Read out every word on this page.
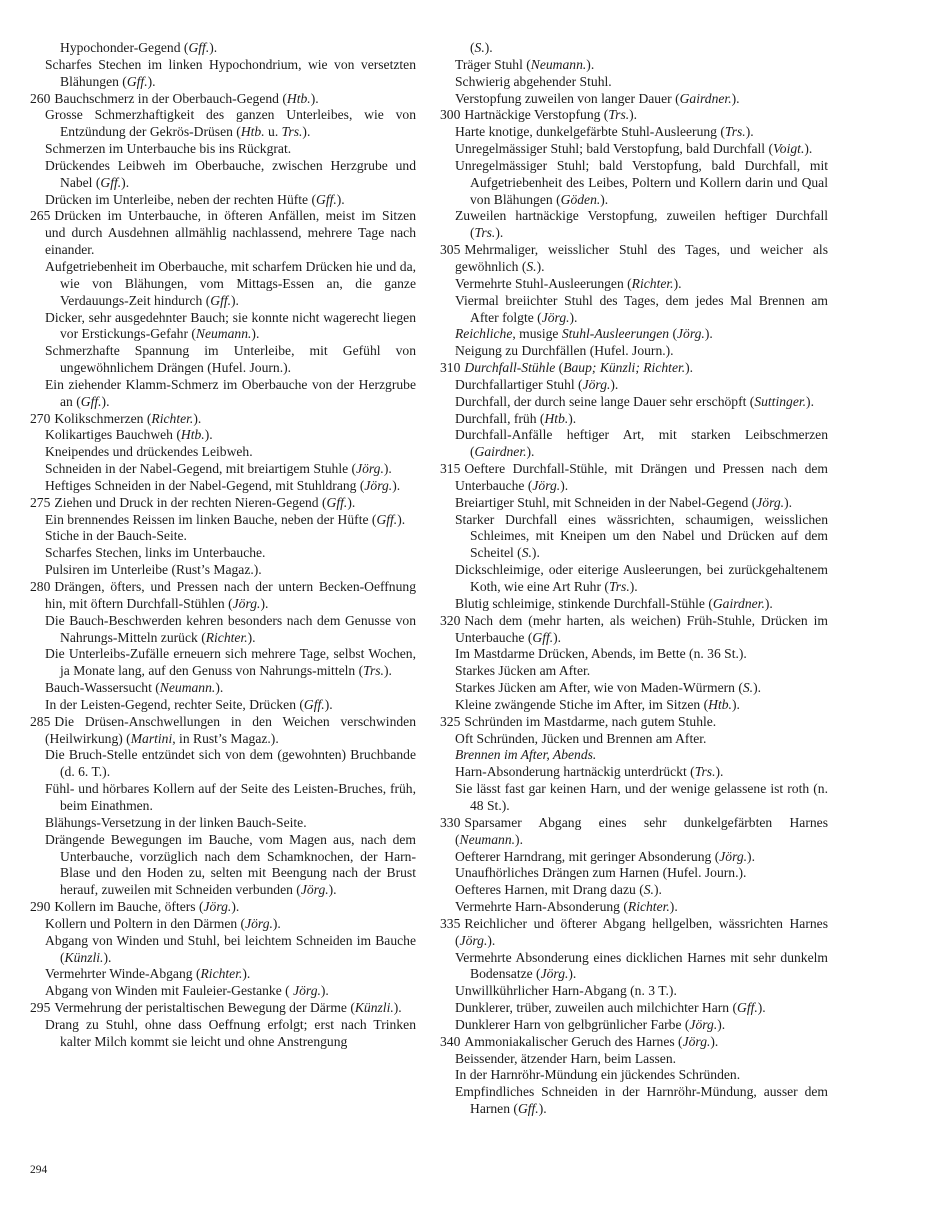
Hypochonder-Gegend (Gff.).
Scharfes Stechen im linken Hypochondrium, wie von versetzten Blähungen (Gff.).
260 Bauchschmerz in der Oberbauch-Gegend (Htb.).
Grosse Schmerzhaftigkeit des ganzen Unterleibes, wie von Entzündung der Gekrös-Drüsen (Htb. u. Trs.).
Schmerzen im Unterbauche bis ins Rückgrat.
Drückendes Leibweh im Oberbauche, zwischen Herzgrube und Nabel (Gff.).
Drücken im Unterleibe, neben der rechten Hüfte (Gff.).
265 Drücken im Unterbauche, in öfteren Anfällen, meist im Sitzen und durch Ausdehnen allmählig nachlassend, mehrere Tage nach einander.
Aufgetriebenheit im Oberbauche, mit scharfem Drücken hie und da, wie von Blähungen, vom Mittags-Essen an, die ganze Verdauungs-Zeit hindurch (Gff.).
Dicker, sehr ausgedehnter Bauch; sie konnte nicht wagerecht liegen vor Erstickungs-Gefahr (Neumann.).
Schmerzhafte Spannung im Unterleibe, mit Gefühl von ungewöhnlichem Drängen (Hufel. Journ.).
Ein ziehender Klamm-Schmerz im Oberbauche von der Herzgrube an (Gff.).
270 Kolikschmerzen (Richter.).
Kolikartiges Bauchweh (Htb.).
Kneipendes und drückendes Leibweh.
Schneiden in der Nabel-Gegend, mit breiartigem Stuhle (Jörg.).
Heftiges Schneiden in der Nabel-Gegend, mit Stuhldrang (Jörg.).
275 Ziehen und Druck in der rechten Nieren-Gegend (Gff.).
Ein brennendes Reissen im linken Bauche, neben der Hüfte (Gff.).
Stiche in der Bauch-Seite.
Scharfes Stechen, links im Unterbauche.
Pulsiren im Unterleibe (Rust’s Magaz.).
280 Drängen, öfters, und Pressen nach der untern Becken-Oeffnung hin, mit öftern Durchfall-Stühlen (Jörg.).
Die Bauch-Beschwerden kehren besonders nach dem Genusse von Nahrungs-Mitteln zurück (Richter.).
Die Unterleibs-Zufälle erneuern sich mehrere Tage, selbst Wochen, ja Monate lang, auf den Genuss von Nahrungs-mitteln (Trs.).
Bauch-Wassersucht (Neumann.).
In der Leisten-Gegend, rechter Seite, Drücken (Gff.).
285 Die Drüsen-Anschwellungen in den Weichen verschwinden (Heilwirkung) (Martini, in Rust’s Magaz.).
Die Bruch-Stelle entzündet sich von dem (gewohnten) Bruchbande (d. 6. T.).
Fühl- und hörbares Kollern auf der Seite des Leisten-Bruches, früh, beim Einathmen.
Blähungs-Versetzung in der linken Bauch-Seite.
Drängende Bewegungen im Bauche, vom Magen aus, nach dem Unterbauche, vorzüglich nach dem Schamknochen, der Harn-Blase und den Hoden zu, selten mit Beengung nach der Brust herauf, zuweilen mit Schneiden verbunden (Jörg.).
290 Kollern im Bauche, öfters (Jörg.).
Kollern und Poltern in den Därmen (Jörg.).
Abgang von Winden und Stuhl, bei leichtem Schneiden im Bauche (Künzli.).
Vermehrter Winde-Abgang (Richter.).
Abgang von Winden mit Fauleier-Gestanke ( Jörg.).
295 Vermehrung der peristaltischen Bewegung der Därme (Künzli.).
Drang zu Stuhl, ohne dass Oeffnung erfolgt; erst nach Trinken kalter Milch kommt sie leicht und ohne Anstrengung
(S.).
Träger Stuhl (Neumann.).
Schwierig abgehender Stuhl.
Verstopfung zuweilen von langer Dauer (Gairdner.).
300 Hartnäckige Verstopfung (Trs.).
Harte knotige, dunkelgefärbte Stuhl-Ausleerung (Trs.).
Unregelmässiger Stuhl; bald Verstopfung, bald Durchfall (Voigt.).
Unregelmässiger Stuhl; bald Verstopfung, bald Durchfall, mit Aufgetriebenheit des Leibes, Poltern und Kollern darin und Qual von Blähungen (Göden.).
Zuweilen hartnäckige Verstopfung, zuweilen heftiger Durchfall (Trs.).
305 Mehrmaliger, weisslicher Stuhl des Tages, und weicher als gewöhnlich (S.).
Vermehrte Stuhl-Ausleerungen (Richter.).
Viermal breiichter Stuhl des Tages, dem jedes Mal Brennen am After folgte (Jörg.).
Reichliche, musige Stuhl-Ausleerungen (Jörg.).
Neigung zu Durchfällen (Hufel. Journ.).
310 Durchfall-Stühle (Baup; Künzli; Richter.).
Durchfallartiger Stuhl (Jörg.).
Durchfall, der durch seine lange Dauer sehr erschöpft (Suttinger.).
Durchfall, früh (Htb.).
Durchfall-Anfälle heftiger Art, mit starken Leibschmerzen (Gairdner.).
315 Oeftere Durchfall-Stühle, mit Drängen und Pressen nach dem Unterbauche (Jörg.).
Breiartiger Stuhl, mit Schneiden in der Nabel-Gegend (Jörg.).
Starker Durchfall eines wässrichten, schaumigen, weisslichen Schleimes, mit Kneipen um den Nabel und Drücken auf dem Scheitel (S.).
Dickschleimige, oder eiterige Ausleerungen, bei zurückgehaltenem Koth, wie eine Art Ruhr (Trs.).
Blutig schleimige, stinkende Durchfall-Stühle (Gairdner.).
320 Nach dem (mehr harten, als weichen) Früh-Stuhle, Drücken im Unterbauche (Gff.).
Im Mastdarme Drücken, Abends, im Bette (n. 36 St.).
Starkes Jücken am After.
Starkes Jücken am After, wie von Maden-Würmern (S.).
Kleine zwängende Stiche im After, im Sitzen (Htb.).
325 Schründen im Mastdarme, nach gutem Stuhle.
Oft Schründen, Jücken und Brennen am After.
Brennen im After, Abends.
Harn-Absonderung hartnäckig unterdrückt (Trs.).
Sie lässt fast gar keinen Harn, und der wenige gelassene ist roth (n. 48 St.).
330 Sparsamer Abgang eines sehr dunkelgefärbten Harnes (Neumann.).
Oefterer Harndrang, mit geringer Absonderung (Jörg.).
Unaufhörliches Drängen zum Harnen (Hufel. Journ.).
Oefteres Harnen, mit Drang dazu (S.).
Vermehrte Harn-Absonderung (Richter.).
335 Reichlicher und öfterer Abgang hellgelben, wässrichten Harnes (Jörg.).
Vermehrte Absonderung eines dicklichen Harnes mit sehr dunkelm Bodensatze (Jörg.).
Unwillkührlicher Harn-Abgang (n. 3 T.).
Dunklerer, trüber, zuweilen auch milchichter Harn (Gff.).
Dunklerer Harn von gelbgrünlicher Farbe (Jörg.).
340 Ammoniakalischer Geruch des Harnes (Jörg.).
Beissender, ätzender Harn, beim Lassen.
In der Harnröhr-Mündung ein jückendes Schründen.
Empfindliches Schneiden in der Harnröhr-Mündung, ausser dem Harnen (Gff.).
294
